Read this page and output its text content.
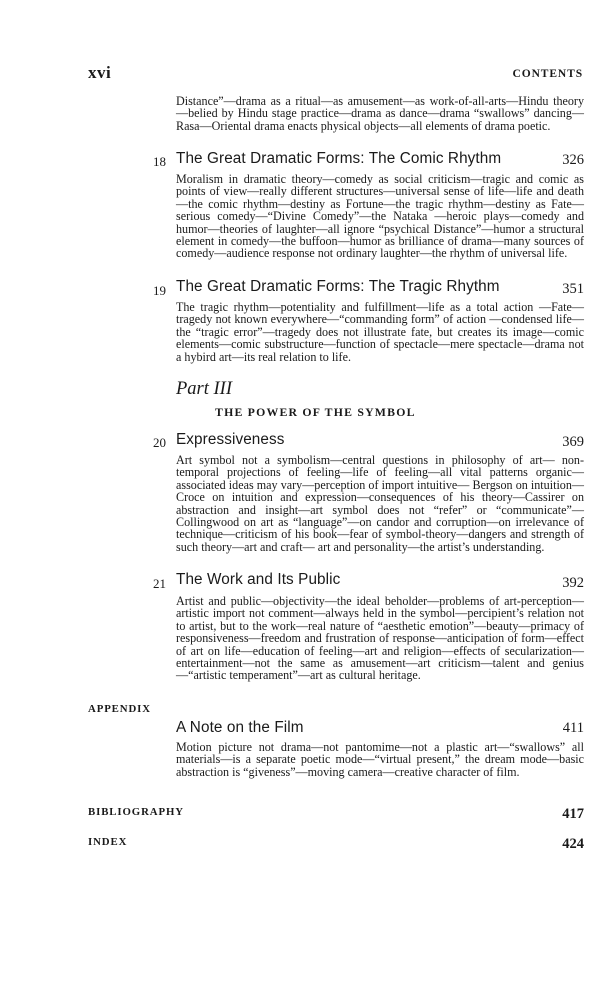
xvi	CONTENTS

Distance”—drama as a ritual—as amusement—as work-of-all-arts—Hindu theory—belied by Hindu stage practice—drama as dance—drama “swallows” dancing—Rasa—Oriental drama enacts physical objects—all elements of drama poetic.

18 The Great Dramatic Forms: The Comic Rhythm	326

Moralism in dramatic theory—comedy as social criticism—tragic and comic as points of view—really different structures—universal sense of life—life and death—the comic rhythm—destiny as Fortune—the tragic rhythm—destiny as Fate—serious comedy—“Divine Comedy”—the Nataka —heroic plays—comedy and humor—theories of laughter—all ignore “psychical Distance”—humor a structural element in comedy—the buffoon—humor as brilliance of drama—many sources of comedy—audience response not ordinary laughter—the rhythm of universal life.

19 The Great Dramatic Forms: The Tragic Rhythm	351

The tragic rhythm—potentiality and fulfillment—life as a total action —Fate—tragedy not known everywhere—“commanding form” of action —condensed life—the “tragic error”—tragedy does not illustrate fate, but creates its image—comic elements—comic substructure—function of spectacle—mere spectacle—drama not a hybird art—its real relation to life.

Part III
THE POWER OF THE SYMBOL
20 Expressiveness	369

Art symbol not a symbolism—central questions in philosophy of art— non-temporal projections of feeling—life of feeling—all vital patterns organic—associated ideas may vary—perception of import intuitive— Bergson on intuition—Croce on intuition and expression—consequences of his theory—Cassirer on abstraction and insight—art symbol does not “refer” or “communicate”—Collingwood on art as “language”—on candor and corruption—on irrelevance of technique—criticism of his book—fear of symbol-theory—dangers and strength of such theory—art and craft— art and personality—the artist’s understanding.

21 The Work and Its Public	392

Artist and public—objectivity—the ideal beholder—problems of art-perception—artistic import not comment—always held in the symbol—percipient’s relation not to artist, but to the work—real nature of “aesthetic emotion”—beauty—primacy of responsiveness—freedom and frustration of response—anticipation of form—effect of art on life—education of feeling—art and religion—effects of secularization—entertainment—not the same as amusement—art criticism—talent and genius—“artistic temperament”—art as cultural heritage.

APPENDIX
A Note on the Film	411

Motion picture not drama—not pantomime—not a plastic art—“swallows” all materials—is a separate poetic mode—“virtual present,” the dream mode—basic abstraction is “giveness”—moving camera—creative character of film.

BIBLIOGRAPHY	417
INDEX	424
